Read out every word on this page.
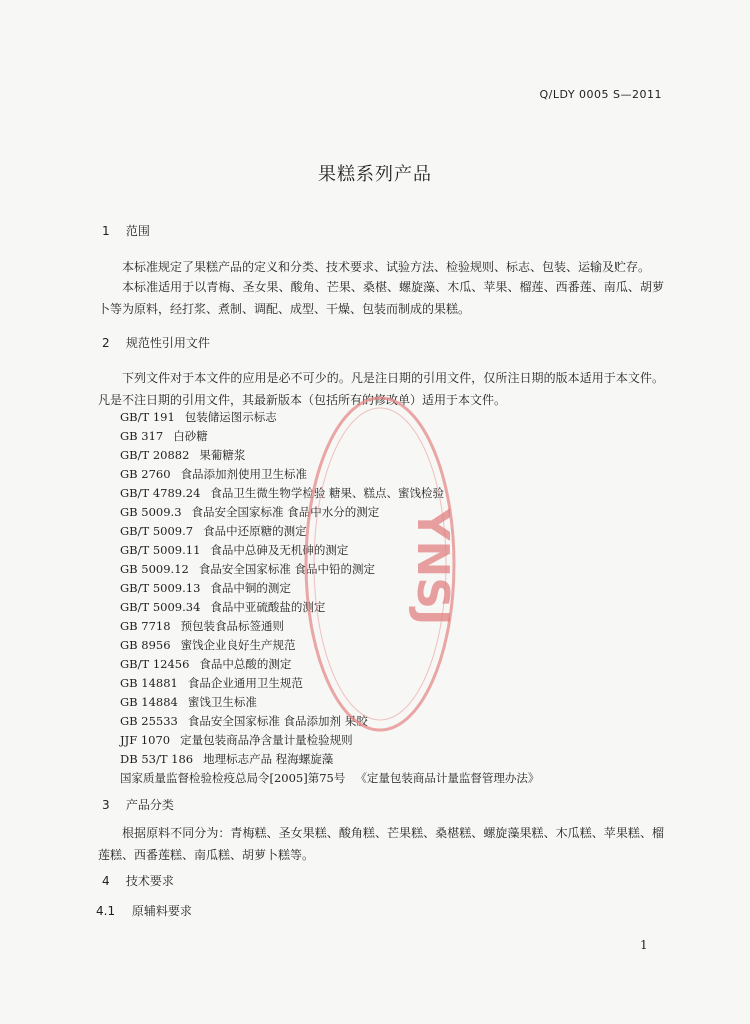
Q/LDY 0005 S—2011
果糕系列产品
1 范围
本标准规定了果糕产品的定义和分类、技术要求、试验方法、检验规则、标志、包装、运输及贮存。
本标准适用于以青梅、圣女果、酸角、芒果、桑椹、螺旋藻、木瓜、苹果、榴莲、西番莲、南瓜、胡萝卜等为原料，经打浆、煮制、调配、成型、干燥、包装而制成的果糕。
2 规范性引用文件
下列文件对于本文件的应用是必不可少的。凡是注日期的引用文件，仅所注日期的版本适用于本文件。凡是不注日期的引用文件，其最新版本（包括所有的修改单）适用于本文件。
GB/T 191 包装储运图示标志
GB 317 白砂糖
GB/T 20882 果葡糖浆
GB 2760 食品添加剂使用卫生标准
GB/T 4789.24 食品卫生微生物学检验 糖果、糕点、蜜饯检验
GB 5009.3 食品安全国家标准 食品中水分的测定
GB/T 5009.7 食品中还原糖的测定
GB/T 5009.11 食品中总砷及无机砷的测定
GB 5009.12 食品安全国家标准 食品中铅的测定
GB/T 5009.13 食品中铜的测定
GB/T 5009.34 食品中亚硫酸盐的测定
GB 7718 预包装食品标签通则
GB 8956 蜜饯企业良好生产规范
GB/T 12456 食品中总酸的测定
GB 14881 食品企业通用卫生规范
GB 14884 蜜饯卫生标准
GB 25533 食品安全国家标准 食品添加剂 果胶
JJF 1070 定量包装商品净含量计量检验规则
DB 53/T 186 地理标志产品 程海螺旋藻
国家质量监督检验检疫总局令[2005]第75号 《定量包装商品计量监督管理办法》
3 产品分类
根据原料不同分为：青梅糕、圣女果糕、酸角糕、芒果糕、桑椹糕、螺旋藻果糕、木瓜糕、苹果糕、榴莲糕、西番莲糕、南瓜糕、胡萝卜糕等。
4 技术要求
4.1 原辅料要求
YNSJ
1
